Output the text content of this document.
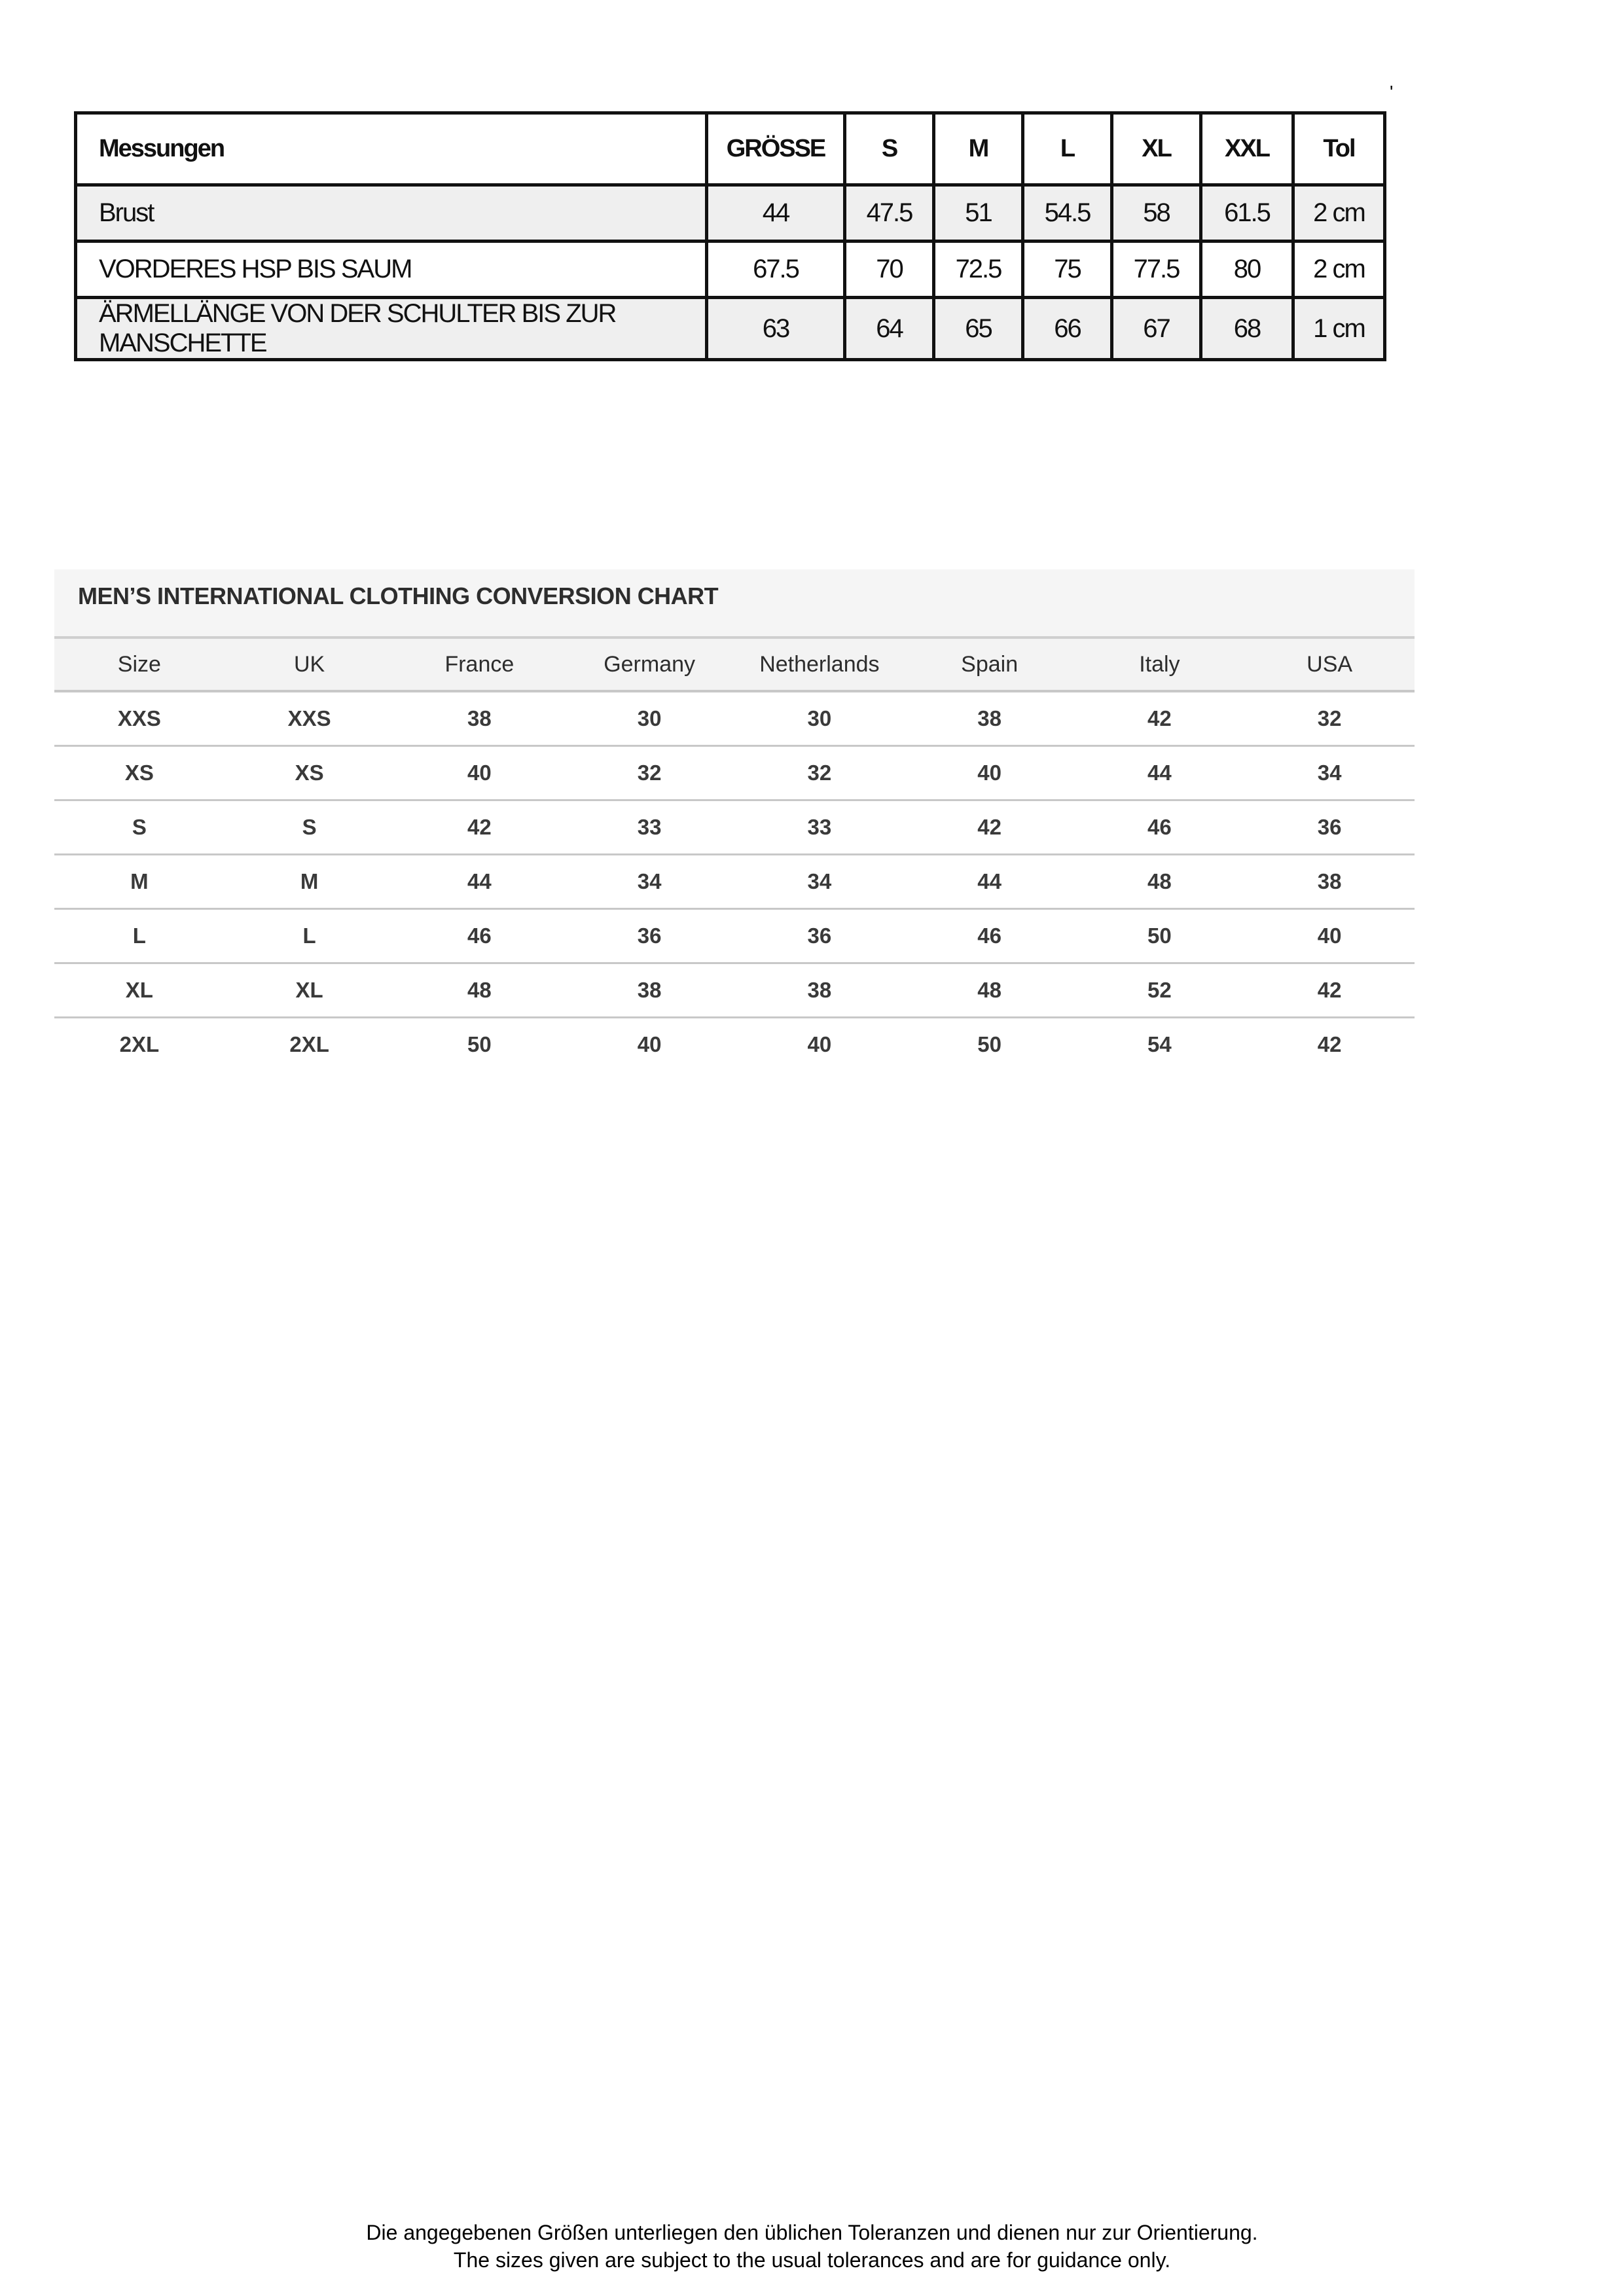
ʹ
Messungen	GRÖSSE	S	M	L	XL	XXL	Tol
Brust	44	47.5	51	54.5	58	61.5	2 cm
VORDERES HSP BIS SAUM	67.5	70	72.5	75	77.5	80	2 cm
ÄRMELLÄNGE VON DER SCHULTER BIS ZUR MANSCHETTE	63	64	65	66	67	68	1 cm
MEN’S INTERNATIONAL CLOTHING CONVERSION CHART
Size	UK	France	Germany	Netherlands	Spain	Italy	USA
XXS	XXS	38	30	30	38	42	32
XS	XS	40	32	32	40	44	34
S	S	42	33	33	42	46	36
M	M	44	34	34	44	48	38
L	L	46	36	36	46	50	40
XL	XL	48	38	38	48	52	42
2XL	2XL	50	40	40	50	54	42
Die angegebenen Größen unterliegen den üblichen Toleranzen und dienen nur zur Orientierung.
The sizes given are subject to the usual tolerances and are for guidance only.
